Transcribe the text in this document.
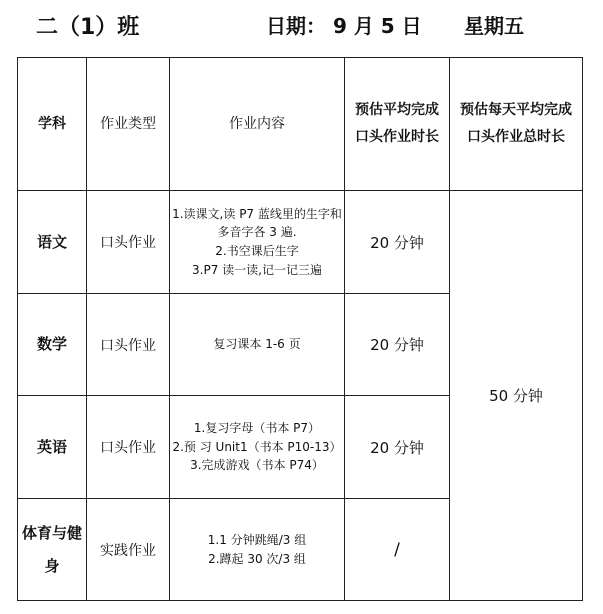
二（1）班	日期： 9 月 5 日 星期五
学科	作业类型	作业内容	预估平均完成口头作业时长	预估每天平均完成口头作业总时长
语文	口头作业	1.读课文,读 P7 蓝线里的生字和多音字各 3 遍.
2.书空课后生字
3.P7 读一读,记一记三遍	20 分钟	50 分钟
数学	口头作业	复习课本 1-6 页	20 分钟	
英语	口头作业	1.复习字母（书本 P7）
2.预 习 Unit1（书本 P10-13）
3.完成游戏（书本 P74）	20 分钟	
体育与健身	实践作业	1.1 分钟跳绳/3 组
2.蹲起 30 次/3 组	/	
